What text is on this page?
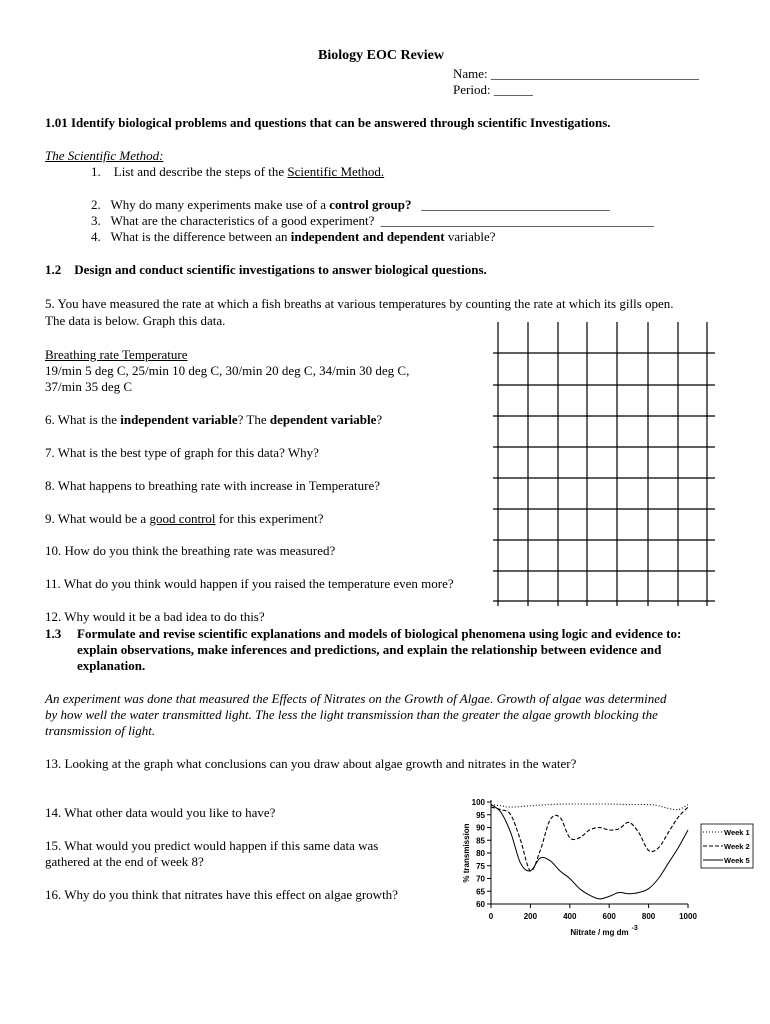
Biology EOC Review
Name: ________________________________
Period: ______
1.01 Identify biological problems and questions that can be answered through scientific Investigations.
The Scientific Method:
1. List and describe the steps of the Scientific Method.
2. Why do many experiments make use of a control group? _____________________________
3. What are the characteristics of a good experiment? __________________________________________
4. What is the difference between an independent and dependent variable?
1.2 Design and conduct scientific investigations to answer biological questions.
5. You have measured the rate at which a fish breaths at various temperatures by counting the rate at which its gills open.
The data is below. Graph this data.
Breathing rate Temperature
19/min 5 deg C, 25/min 10 deg C, 30/min 20 deg C, 34/min 30 deg C,
37/min 35 deg C
6. What is the independent variable? The dependent variable?
7. What is the best type of graph for this data? Why?
8. What happens to breathing rate with increase in Temperature?
9. What would be a good control for this experiment?
10. How do you think the breathing rate was measured?
11. What do you think would happen if you raised the temperature even more?
12. Why would it be a bad idea to do this?
1.3 Formulate and revise scientific explanations and models of biological phenomena using logic and evidence to:
explain observations, make inferences and predictions, and explain the relationship between evidence and
explanation.
An experiment was done that measured the Effects of Nitrates on the Growth of Algae. Growth of algae was determined
by how well the water transmitted light. The less the light transmission than the greater the algae growth blocking the
transmission of light.
13. Looking at the graph what conclusions can you draw about algae growth and nitrates in the water?
14. What other data would you like to have?
15. What would you predict would happen if this same data was
gathered at the end of week 8?
16. Why do you think that nitrates have this effect on algae growth?
100
95
90
85
80
75
70
65
60
0	200	400	600	800	1000
% transmission
Nitrate / mg dm -3
Week 1
Week 2
Week 5
